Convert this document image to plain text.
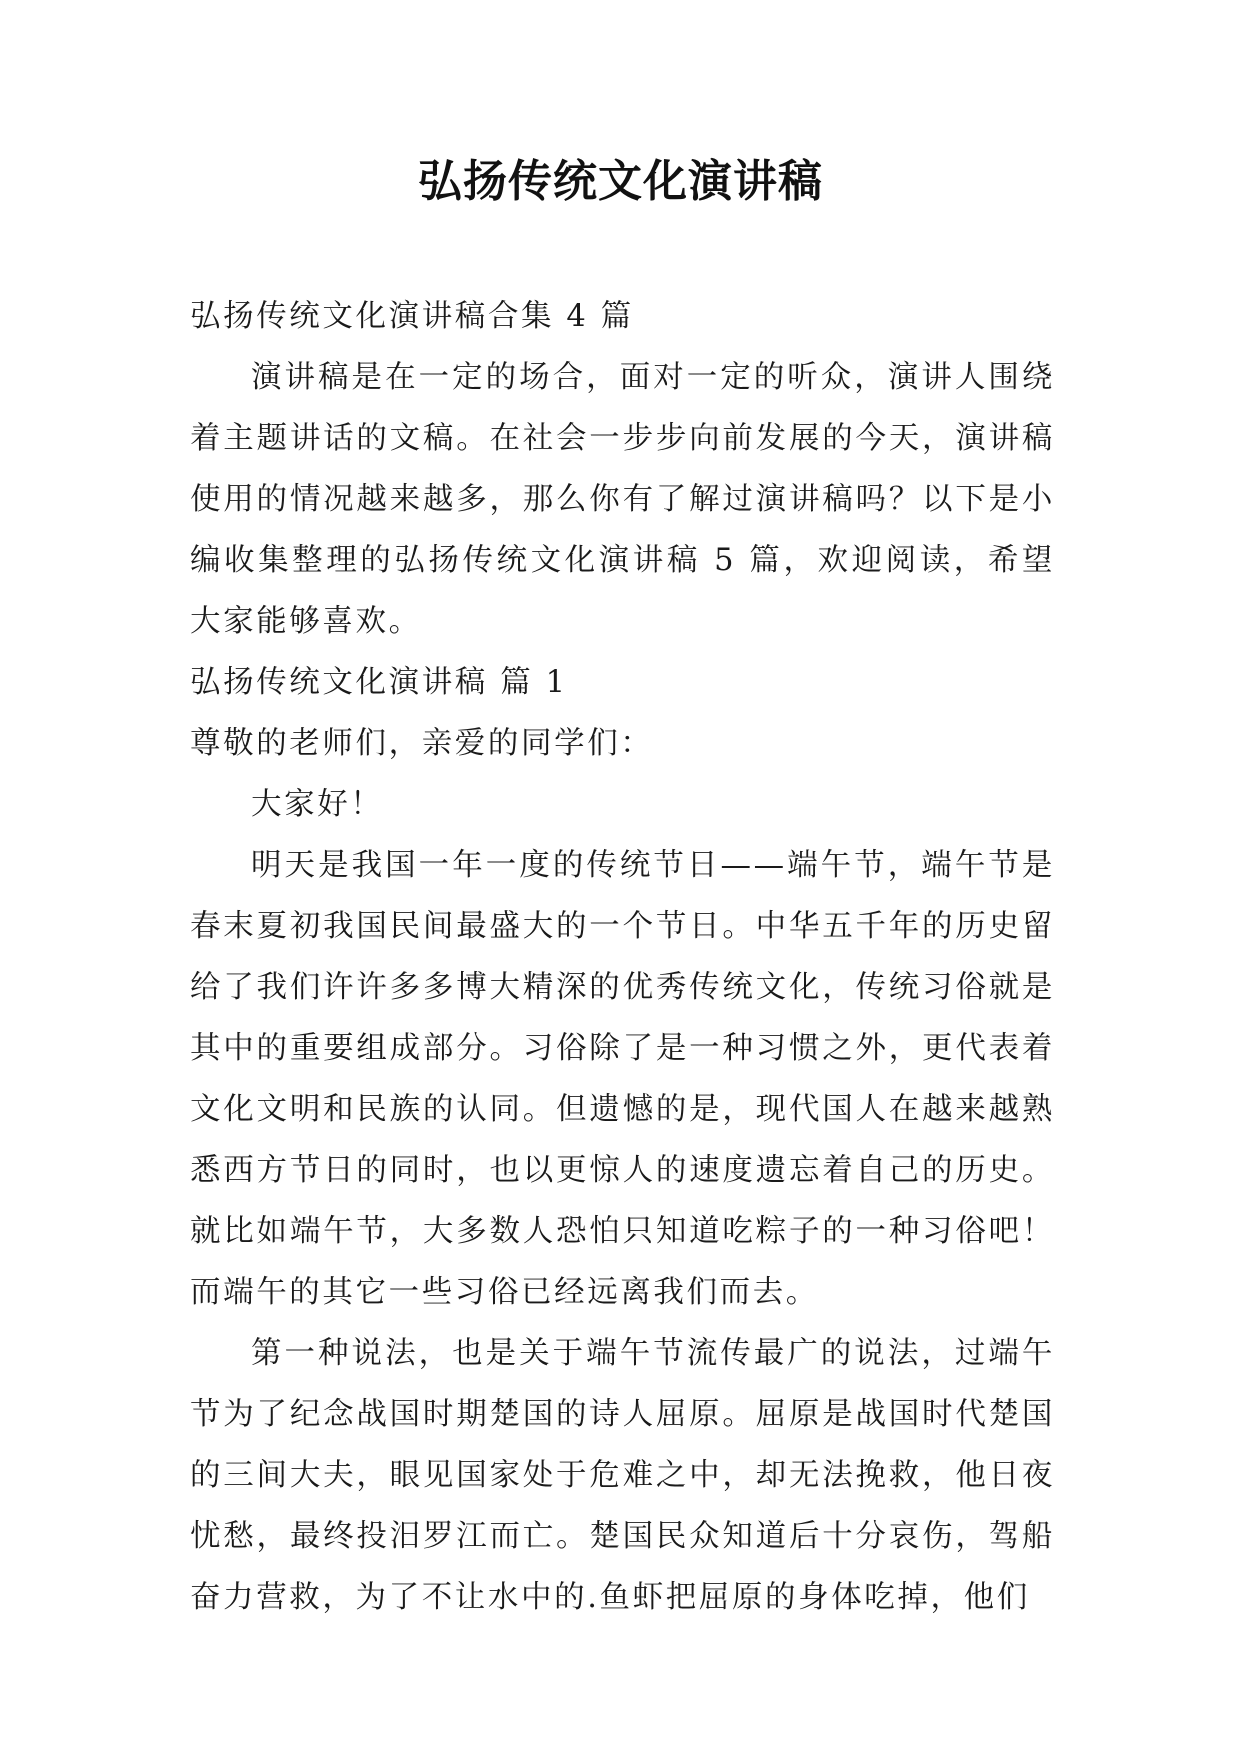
弘扬传统文化演讲稿

弘扬传统文化演讲稿合集 4 篇

演讲稿是在一定的场合，面对一定的听众，演讲人围绕着主题讲话的文稿。在社会一步步向前发展的今天，演讲稿使用的情况越来越多，那么你有了解过演讲稿吗？以下是小编收集整理的弘扬传统文化演讲稿 5 篇，欢迎阅读，希望大家能够喜欢。

弘扬传统文化演讲稿 篇 1

尊敬的老师们，亲爱的同学们：

大家好！

明天是我国一年一度的传统节日——端午节，端午节是春末夏初我国民间最盛大的一个节日。中华五千年的历史留给了我们许许多多博大精深的优秀传统文化，传统习俗就是其中的重要组成部分。习俗除了是一种习惯之外，更代表着文化文明和民族的认同。但遗憾的是，现代国人在越来越熟悉西方节日的同时，也以更惊人的速度遗忘着自己的历史。就比如端午节，大多数人恐怕只知道吃粽子的一种习俗吧！而端午的其它一些习俗已经远离我们而去。

第一种说法，也是关于端午节流传最广的说法，过端午节为了纪念战国时期楚国的诗人屈原。屈原是战国时代楚国的三间大夫，眼见国家处于危难之中，却无法挽救，他日夜忧愁，最终投汨罗江而亡。楚国民众知道后十分哀伤，驾船奋力营救，为了不让水中的.鱼虾把屈原的身体吃掉，他们
